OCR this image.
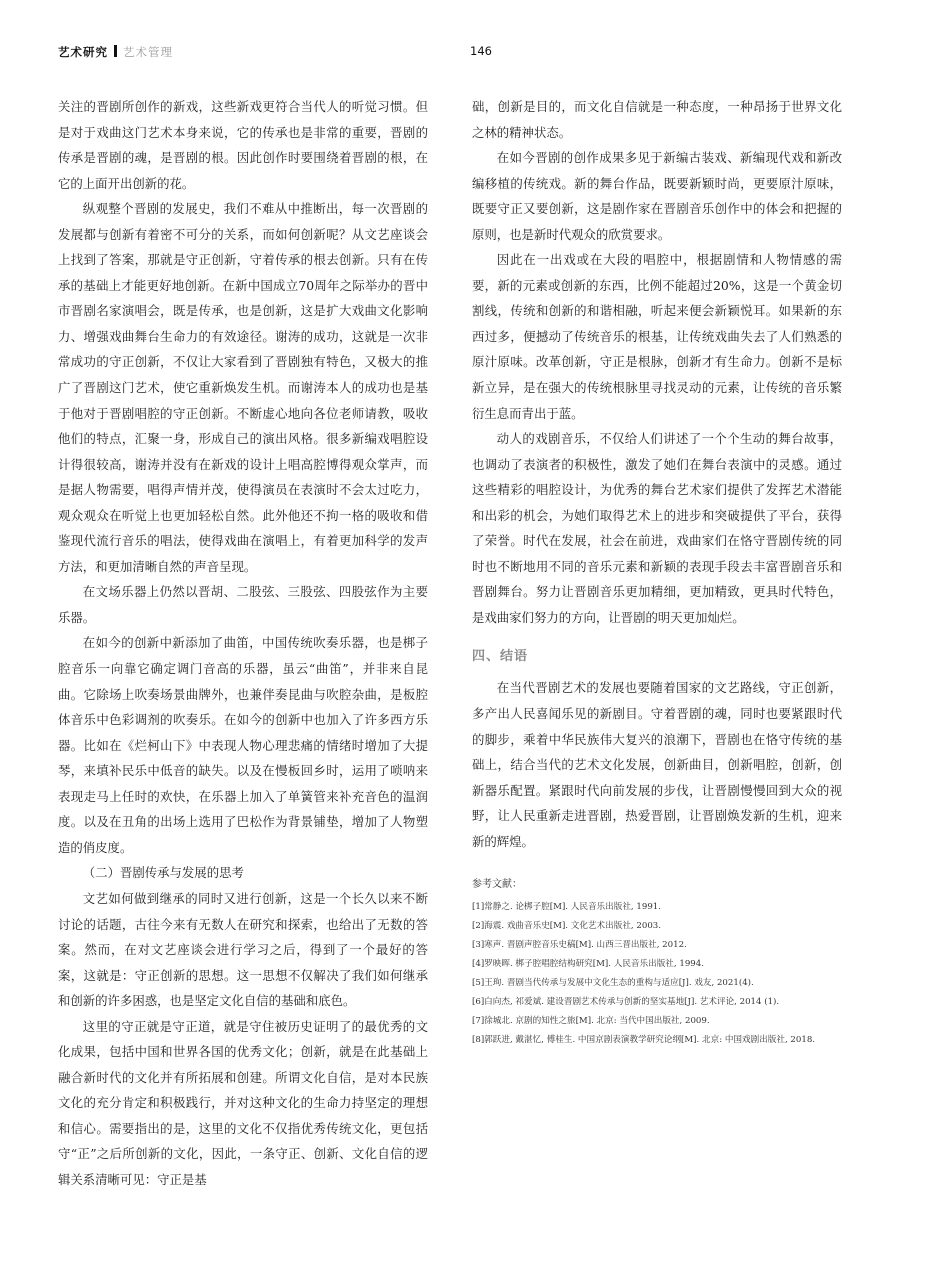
艺术研究 艺术管理	146

关注的晋剧所创作的新戏，这些新戏更符合当代人的听觉习惯。但是对于戏曲这门艺术本身来说，它的传承也是非常的重要，晋剧的传承是晋剧的魂，是晋剧的根。因此创作时要围绕着晋剧的根，在它的上面开出创新的花。

纵观整个晋剧的发展史，我们不难从中推断出，每一次晋剧的发展都与创新有着密不可分的关系，而如何创新呢？从文艺座谈会上找到了答案，那就是守正创新，守着传承的根去创新。只有在传承的基础上才能更好地创新。在新中国成立70周年之际举办的晋中市晋剧名家演唱会，既是传承，也是创新，这是扩大戏曲文化影响力、增强戏曲舞台生命力的有效途径。谢涛的成功，这就是一次非常成功的守正创新，不仅让大家看到了晋剧独有特色，又极大的推广了晋剧这门艺术，使它重新焕发生机。而谢涛本人的成功也是基于他对于晋剧唱腔的守正创新。不断虚心地向各位老师请教，吸收他们的特点，汇聚一身，形成自己的演出风格。很多新编戏唱腔设计得很较高，谢涛并没有在新戏的设计上唱高腔博得观众掌声，而是据人物需要，唱得声情并茂，使得演员在表演时不会太过吃力，观众观众在听觉上也更加轻松自然。此外他还不拘一格的吸收和借鉴现代流行音乐的唱法，使得戏曲在演唱上，有着更加科学的发声方法，和更加清晰自然的声音呈现。

在文场乐器上仍然以晋胡、二股弦、三股弦、四股弦作为主要乐器。

在如今的创新中新添加了曲笛，中国传统吹奏乐器，也是梆子腔音乐一向靠它确定调门音高的乐器，虽云“曲笛”，并非来自昆曲。它除场上吹奏场景曲牌外，也兼伴奏昆曲与吹腔杂曲，是板腔体音乐中色彩调剂的吹奏乐。在如今的创新中也加入了许多西方乐器。比如在《烂柯山下》中表现人物心理悲痛的情绪时增加了大提琴，来填补民乐中低音的缺失。以及在慢板回乡时，运用了唢呐来表现走马上任时的欢快，在乐器上加入了单簧管来补充音色的温润度。以及在丑角的出场上选用了巴松作为背景铺垫，增加了人物塑造的俏皮度。

（二）晋剧传承与发展的思考

文艺如何做到继承的同时又进行创新，这是一个长久以来不断讨论的话题，古往今来有无数人在研究和探索，也给出了无数的答案。然而，在对文艺座谈会进行学习之后，得到了一个最好的答案，这就是：守正创新的思想。这一思想不仅解决了我们如何继承和创新的许多困惑，也是坚定文化自信的基础和底色。

这里的守正就是守正道，就是守住被历史证明了的最优秀的文化成果，包括中国和世界各国的优秀文化；创新，就是在此基础上融合新时代的文化并有所拓展和创建。所谓文化自信，是对本民族文化的充分肯定和积极践行，并对这种文化的生命力持坚定的理想和信心。需要指出的是，这里的文化不仅指优秀传统文化，更包括守“正”之后所创新的文化，因此，一条守正、创新、文化自信的逻辑关系清晰可见：守正是基

础，创新是目的，而文化自信就是一种态度，一种昂扬于世界文化之林的精神状态。

在如今晋剧的创作成果多见于新编古装戏、新编现代戏和新改编移植的传统戏。新的舞台作品，既要新颖时尚，更要原汁原味，既要守正又要创新，这是剧作家在晋剧音乐创作中的体会和把握的原则，也是新时代观众的欣赏要求。

因此在一出戏或在大段的唱腔中，根据剧情和人物情感的需要，新的元素或创新的东西，比例不能超过20%，这是一个黄金切割线，传统和创新的和谐相融，听起来便会新颖悦耳。如果新的东西过多，便撼动了传统音乐的根基，让传统戏曲失去了人们熟悉的原汁原味。改革创新，守正是根脉，创新才有生命力。创新不是标新立异，是在强大的传统根脉里寻找灵动的元素，让传统的音乐繁衍生息而青出于蓝。

动人的戏剧音乐，不仅给人们讲述了一个个生动的舞台故事，也调动了表演者的积极性，激发了她们在舞台表演中的灵感。通过这些精彩的唱腔设计，为优秀的舞台艺术家们提供了发挥艺术潜能和出彩的机会，为她们取得艺术上的进步和突破提供了平台，获得了荣誉。时代在发展，社会在前进，戏曲家们在恪守晋剧传统的同时也不断地用不同的音乐元素和新颖的表现手段去丰富晋剧音乐和晋剧舞台。努力让晋剧音乐更加精细，更加精致，更具时代特色，是戏曲家们努力的方向，让晋剧的明天更加灿烂。

四、结语

在当代晋剧艺术的发展也要随着国家的文艺路线，守正创新，多产出人民喜闻乐见的新剧目。守着晋剧的魂，同时也要紧跟时代的脚步，乘着中华民族伟大复兴的浪潮下，晋剧也在恪守传统的基础上，结合当代的艺术文化发展，创新曲目，创新唱腔，创新，创新器乐配置。紧跟时代向前发展的步伐，让晋剧慢慢回到大众的视野，让人民重新走进晋剧，热爱晋剧，让晋剧焕发新的生机，迎来新的辉煌。

参考文献：
[1]常静之. 论梆子腔[M]. 人民音乐出版社, 1991.
[2]海震. 戏曲音乐史[M]. 文化艺术出版社, 2003.
[3]寒声. 晋剧声腔音乐史稿[M]. 山西三晋出版社, 2012.
[4]罗映晖. 梆子腔唱腔结构研究[M]. 人民音乐出版社, 1994.
[5]王珣. 晋剧当代传承与发展中文化生态的重构与适应[J]. 戏友, 2021(4).
[6]白向杰, 祁爱斌. 建设晋剧艺术传承与创新的坚实基地[J]. 艺术评论, 2014 (1).
[7]徐城北. 京剧的知性之旅[M]. 北京: 当代中国出版社, 2009.
[8]郭跃进, 戴湛忆, 傅桂生. 中国京剧表演教学研究论纲[M]. 北京: 中国戏剧出版社, 2018.
